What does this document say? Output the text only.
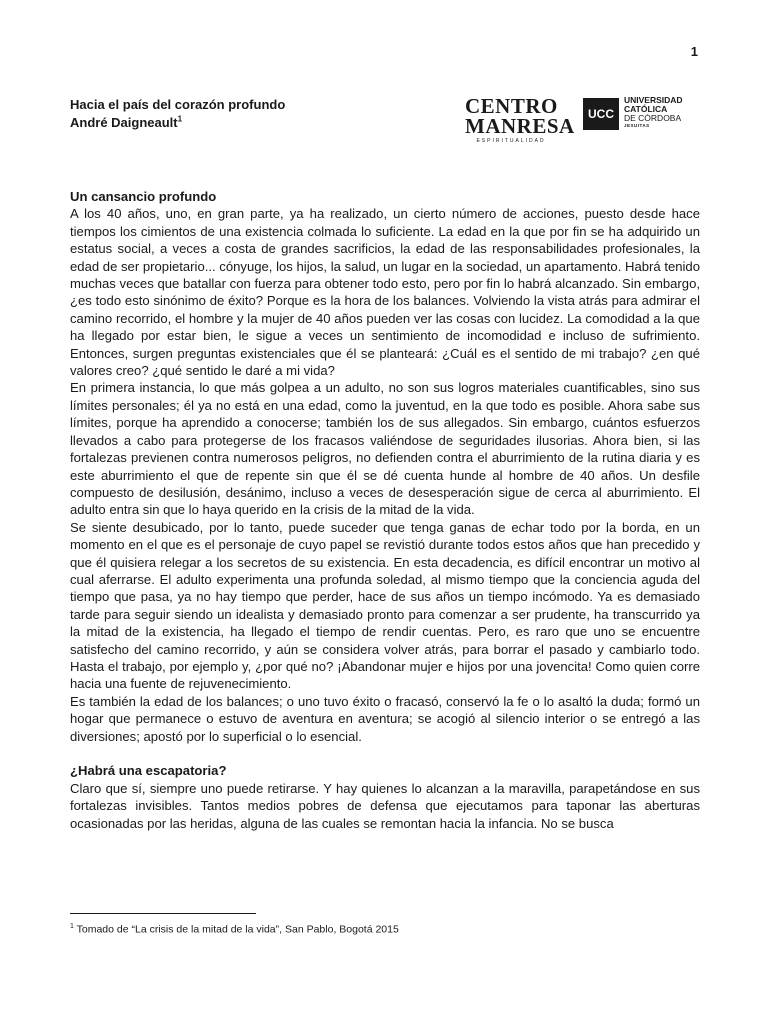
1
Hacia el país del corazón profundo
André Daigneault$^1$
CENTRO
MANRESA
ESPIRITUALIDAD
UCC
UNIVERSIDAD
CATÓLICA
DE CÓRDOBA
JESUITAS
Un cansancio profundo

A los 40 años, uno, en gran parte, ya ha realizado, un cierto número de acciones, puesto desde hace tiempos los cimientos de una existencia colmada lo suficiente. La edad en la que por fin se ha adquirido un estatus social, a veces a costa de grandes sacrificios, la edad de las responsabilidades profesionales, la edad de ser propietario... cónyuge, los hijos, la salud, un lugar en la sociedad, un apartamento. Habrá tenido muchas veces que batallar con fuerza para obtener todo esto, pero por fin lo habrá alcanzado. Sin embargo, ¿es todo esto sinónimo de éxito? Porque es la hora de los balances. Volviendo la vista atrás para admirar el camino recorrido, el hombre y la mujer de 40 años pueden ver las cosas con lucidez. La comodidad a la que ha llegado por estar bien, le sigue a veces un sentimiento de incomodidad e incluso de sufrimiento. Entonces, surgen preguntas existenciales que él se planteará: ¿Cuál es el sentido de mi trabajo? ¿en qué valores creo? ¿qué sentido le daré a mi vida?

En primera instancia, lo que más golpea a un adulto, no son sus logros materiales cuantificables, sino sus límites personales; él ya no está en una edad, como la juventud, en la que todo es posible. Ahora sabe sus límites, porque ha aprendido a conocerse; también los de sus allegados. Sin embargo, cuántos esfuerzos llevados a cabo para protegerse de los fracasos valiéndose de seguridades ilusorias. Ahora bien, si las fortalezas previenen contra numerosos peligros, no defienden contra el aburrimiento de la rutina diaria y es este aburrimiento el que de repente sin que él se dé cuenta hunde al hombre de 40 años. Un desfile compuesto de desilusión, desánimo, incluso a veces de desesperación sigue de cerca al aburrimiento. El adulto entra sin que lo haya querido en la crisis de la mitad de la vida.

Se siente desubicado, por lo tanto, puede suceder que tenga ganas de echar todo por la borda, en un momento en el que es el personaje de cuyo papel se revistió durante todos estos años que han precedido y que él quisiera relegar a los secretos de su existencia. En esta decadencia, es difícil encontrar un motivo al cual aferrarse. El adulto experimenta una profunda soledad, al mismo tiempo que la conciencia aguda del tiempo que pasa, ya no hay tiempo que perder, hace de sus años un tiempo incómodo. Ya es demasiado tarde para seguir siendo un idealista y demasiado pronto para comenzar a ser prudente, ha transcurrido ya la mitad de la existencia, ha llegado el tiempo de rendir cuentas. Pero, es raro que uno se encuentre satisfecho del camino recorrido, y aún se considera volver atrás, para borrar el pasado y cambiarlo todo. Hasta el trabajo, por ejemplo y, ¿por qué no? ¡Abandonar mujer e hijos por una jovencita! Como quien corre hacia una fuente de rejuvenecimiento.

Es también la edad de los balances; o uno tuvo éxito o fracasó, conservó la fe o lo asaltó la duda; formó un hogar que permanece o estuvo de aventura en aventura; se acogió al silencio interior o se entregó a las diversiones; apostó por lo superficial o lo esencial.

¿Habrá una escapatoria?

Claro que sí, siempre uno puede retirarse. Y hay quienes lo alcanzan a la maravilla, parapetándose en sus fortalezas invisibles. Tantos medios pobres de defensa que ejecutamos para taponar las aberturas ocasionadas por las heridas, alguna de las cuales se remontan hacia la infancia. No se busca

$^1$ Tomado de “La crisis de la mitad de la vida”, San Pablo, Bogotá 2015
